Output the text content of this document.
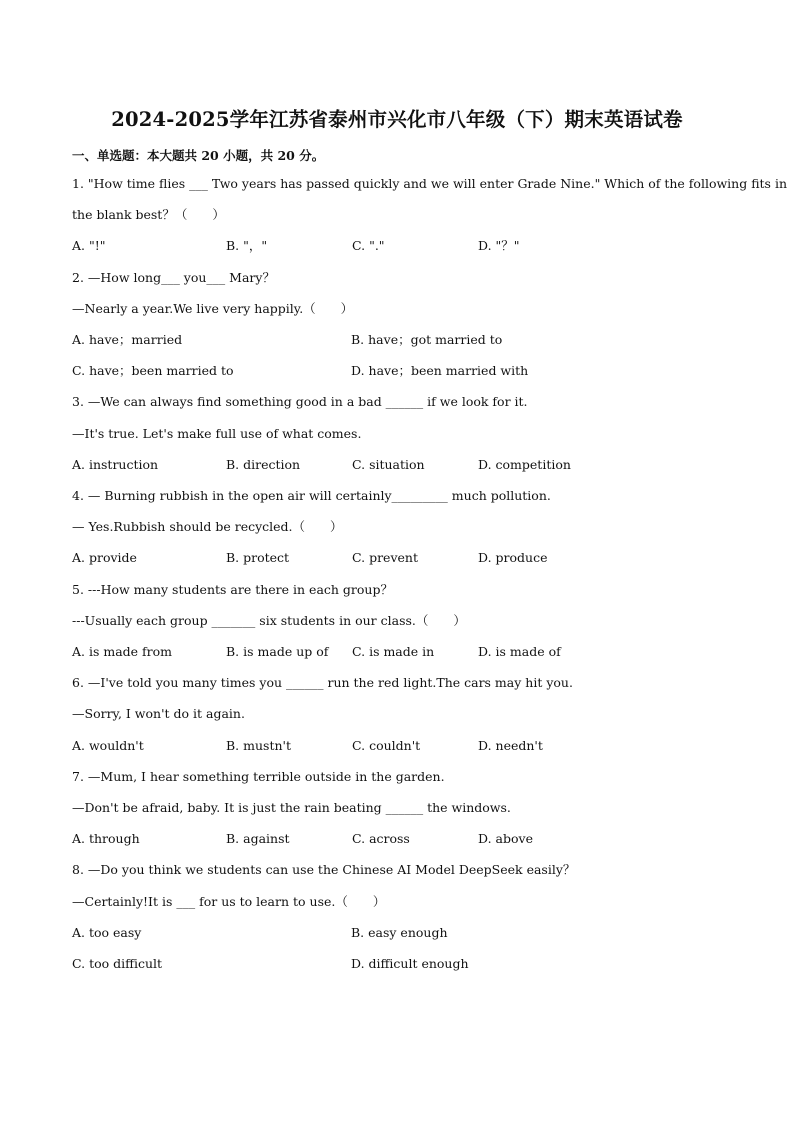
2024-2025学年江苏省泰州市兴化市八年级（下）期末英语试卷
一、单选题：本大题共 20 小题，共 20 分。
1. "How time flies ___ Two years has passed quickly and we will enter Grade Nine." Which of the following fits in
the blank best？（　　）
A. "!"	B. "，"	C. "."	D. "？"
2. —How long___ you___ Mary？
—Nearly a year.We live very happily.（　　）
A. have；married	B. have；got married to
C. have；been married to	D. have；been married with
3. —We can always find something good in a bad ______ if we look for it.
—It's true. Let's make full use of what comes.
A. instruction	B. direction	C. situation	D. competition
4. — Burning rubbish in the open air will certainly_________ much pollution.
— Yes.Rubbish should be recycled.（　　）
A. provide	B. protect	C. prevent	D. produce
5. ---How many students are there in each group？
---Usually each group _______ six students in our class.（　　）
A. is made from	B. is made up of C. is made in	D. is made of
6. —I've told you many times you ______ run the red light.The cars may hit you.
—Sorry, I won't do it again.
A. wouldn't	B. mustn't	C. couldn't	D. needn't
7. —Mum, I hear something terrible outside in the garden.
—Don't be afraid, baby. It is just the rain beating ______ the windows.
A. through	B. against	C. across	D. above
8. —Do you think we students can use the Chinese AI Model DeepSeek easily？
—Certainly!It is ___ for us to learn to use.（　　）
A. too easy	B. easy enough
C. too difficult	D. difficult enough
